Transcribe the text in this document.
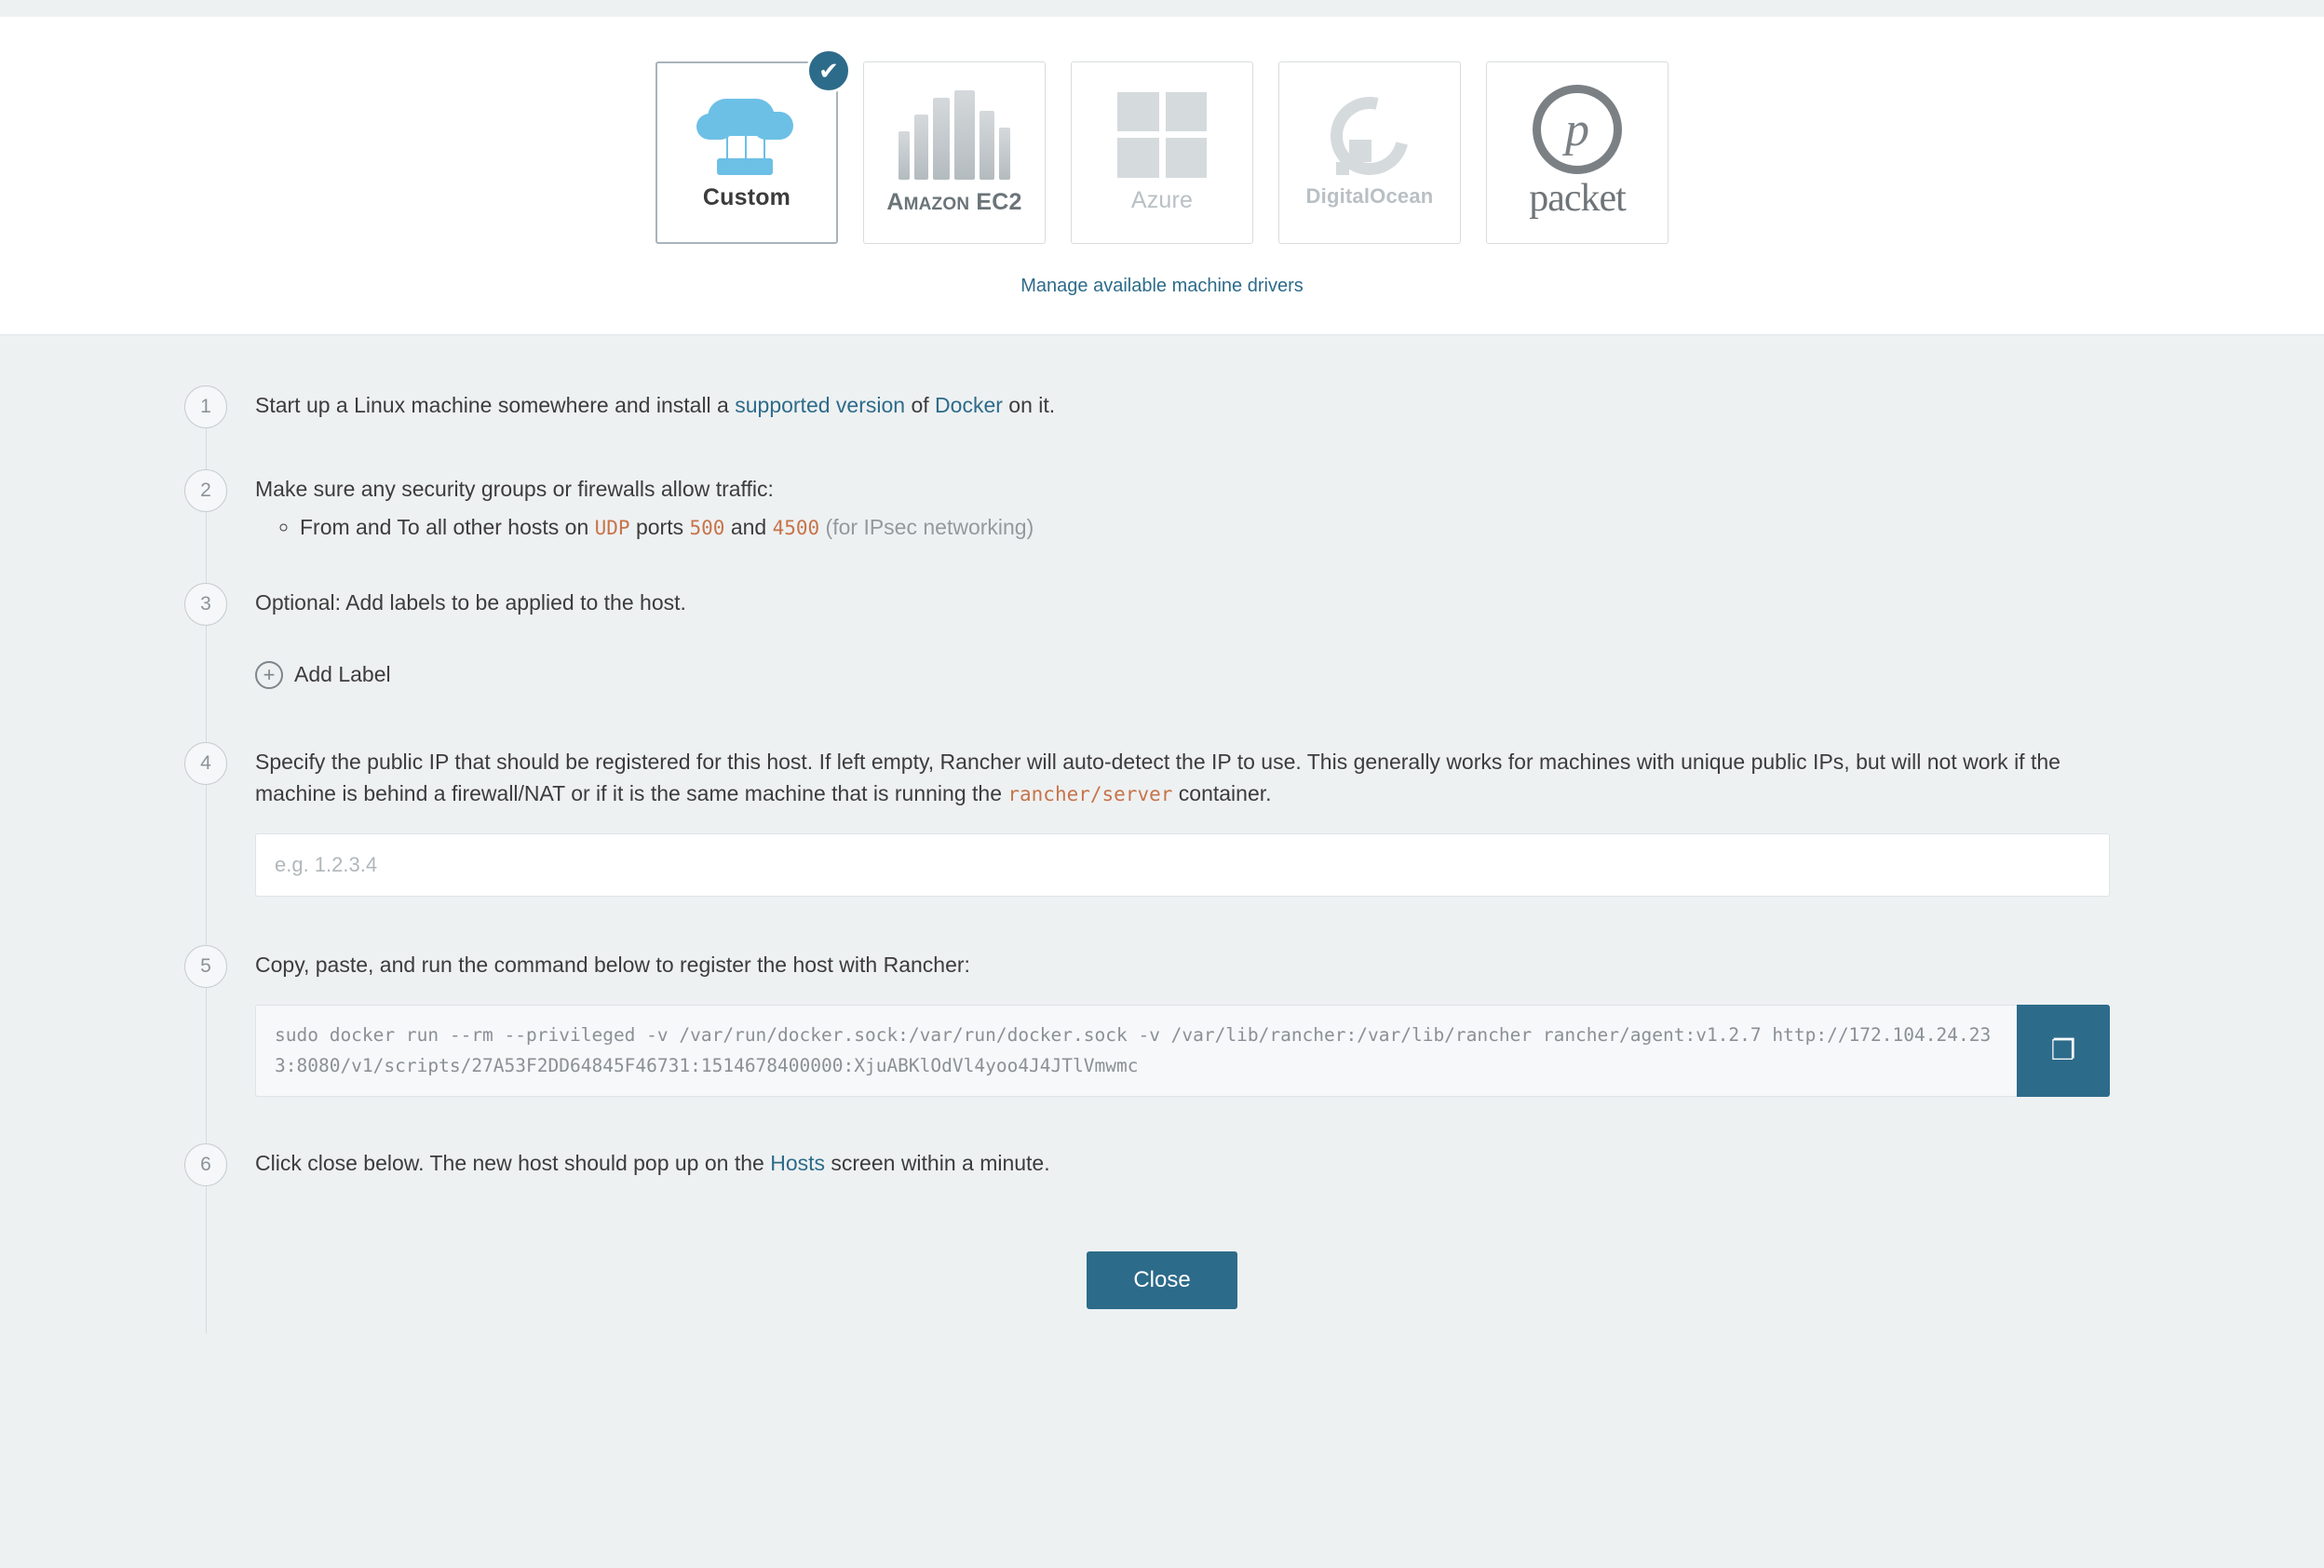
✔
Custom	AMAZON EC2	Azure	DigitalOcean
p
packet
Manage available machine drivers
1	Start up a Linux machine somewhere and install a supported version of Docker on it.
2	Make sure any security groups or firewalls allow traffic:
◦ From and To all other hosts on UDP ports 500 and 4500 (for IPsec networking)
3	Optional: Add labels to be applied to the host.
+ Add Label
4	Specify the public IP that should be registered for this host. If left empty, Rancher will auto-detect the IP to use. This generally works for machines with unique public IPs, but will not work if the machine is behind a firewall/NAT or if it is the same machine that is running the rancher/server container.
e.g. 1.2.3.4
5	Copy, paste, and run the command below to register the host with Rancher:
sudo docker run --rm --privileged -v /var/run/docker.sock:/var/run/docker.sock -v /var/lib/rancher:/var/lib/rancher rancher/agent:v1.2.7 http://172.104.24.233:8080/v1/scripts/27A53F2DD64845F46731:1514678400000:XjuABKlOdVl4yoo4J4JTlVmwmc	❐
6	Click close below. The new host should pop up on the Hosts screen within a minute.
Close
